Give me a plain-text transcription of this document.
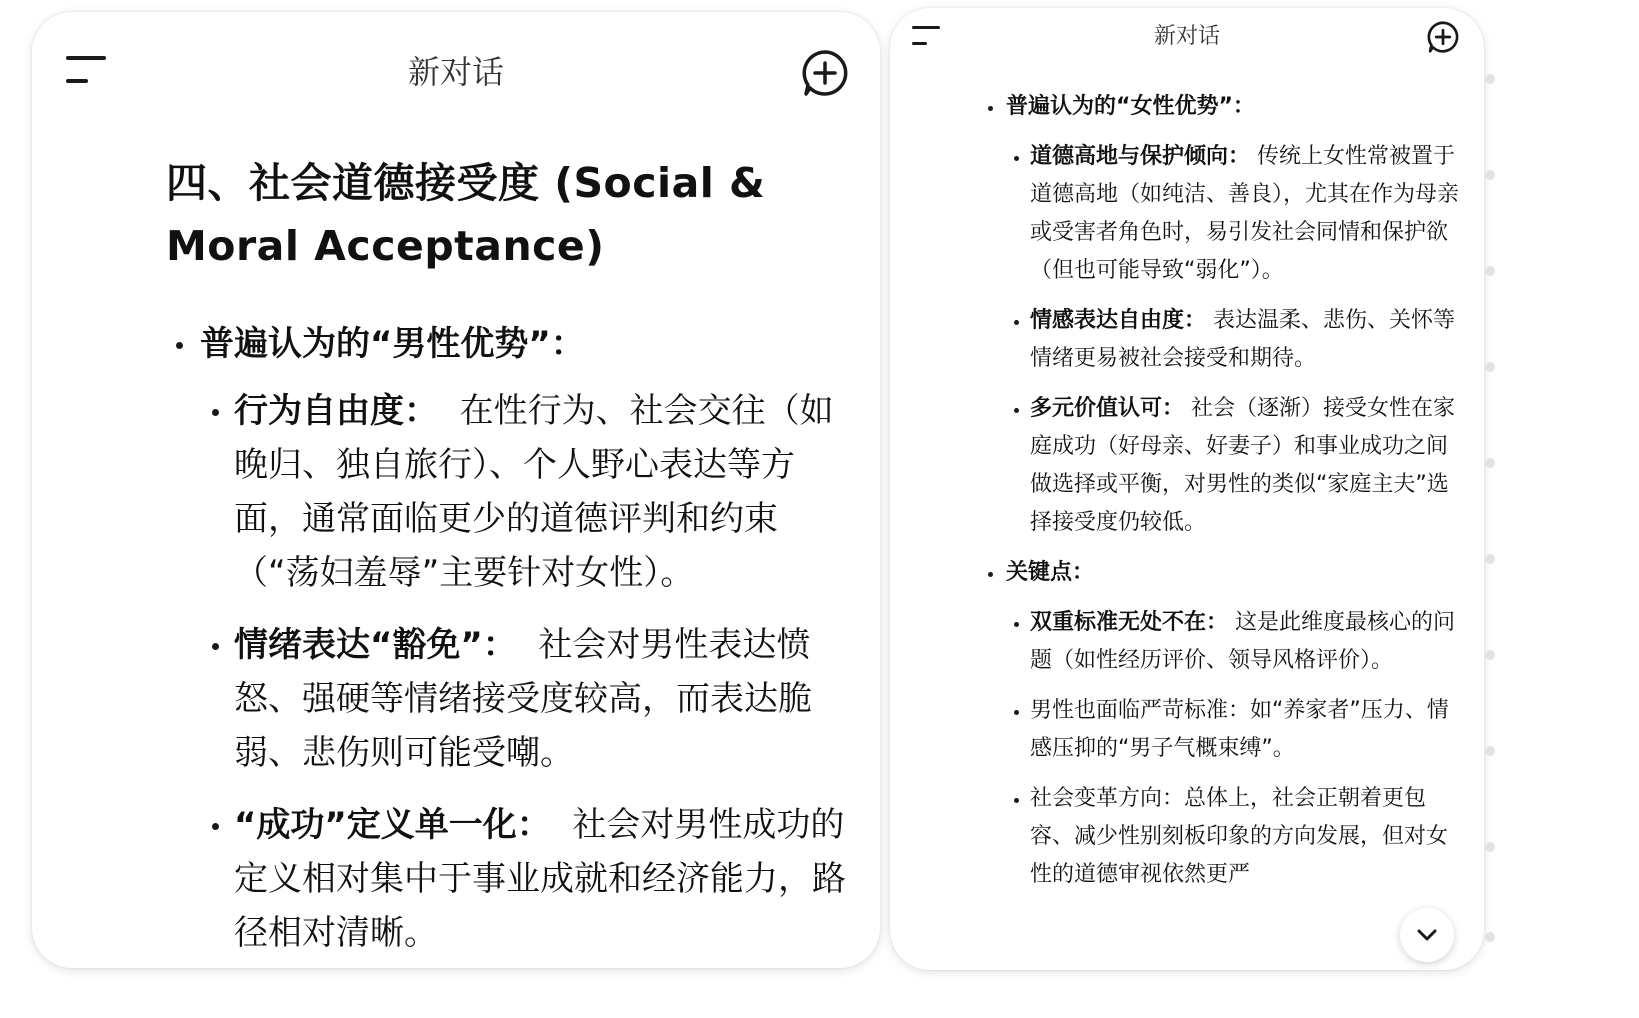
新对话
四、社会道德接受度 (Social &
Moral Acceptance)
普遍认为的“男性优势”：
行为自由度： 在性行为、社会交往（如晚归、独自旅行）、个人野心表达等方面，通常面临更少的道德评判和约束（“荡妇羞辱”主要针对女性）。
情绪表达“豁免”： 社会对男性表达愤怒、强硬等情绪接受度较高，而表达脆弱、悲伤则可能受嘲。
“成功”定义单一化： 社会对男性成功的定义相对集中于事业成就和经济能力，路径相对清晰。
新对话
普遍认为的“女性优势”：
道德高地与保护倾向： 传统上女性常被置于道德高地（如纯洁、善良），尤其在作为母亲或受害者角色时，易引发社会同情和保护欲（但也可能导致“弱化”）。
情感表达自由度： 表达温柔、悲伤、关怀等情绪更易被社会接受和期待。
多元价值认可： 社会（逐渐）接受女性在家庭成功（好母亲、好妻子）和事业成功之间做选择或平衡，对男性的类似“家庭主夫”选择接受度仍较低。
关键点：
双重标准无处不在： 这是此维度最核心的问题（如性经历评价、领导风格评价）。
男性也面临严苛标准：如“养家者”压力、情感压抑的“男子气概束缚”。
社会变革方向：总体上，社会正朝着更包容、减少性别刻板印象的方向发展，但对女性的道德审视依然更严
